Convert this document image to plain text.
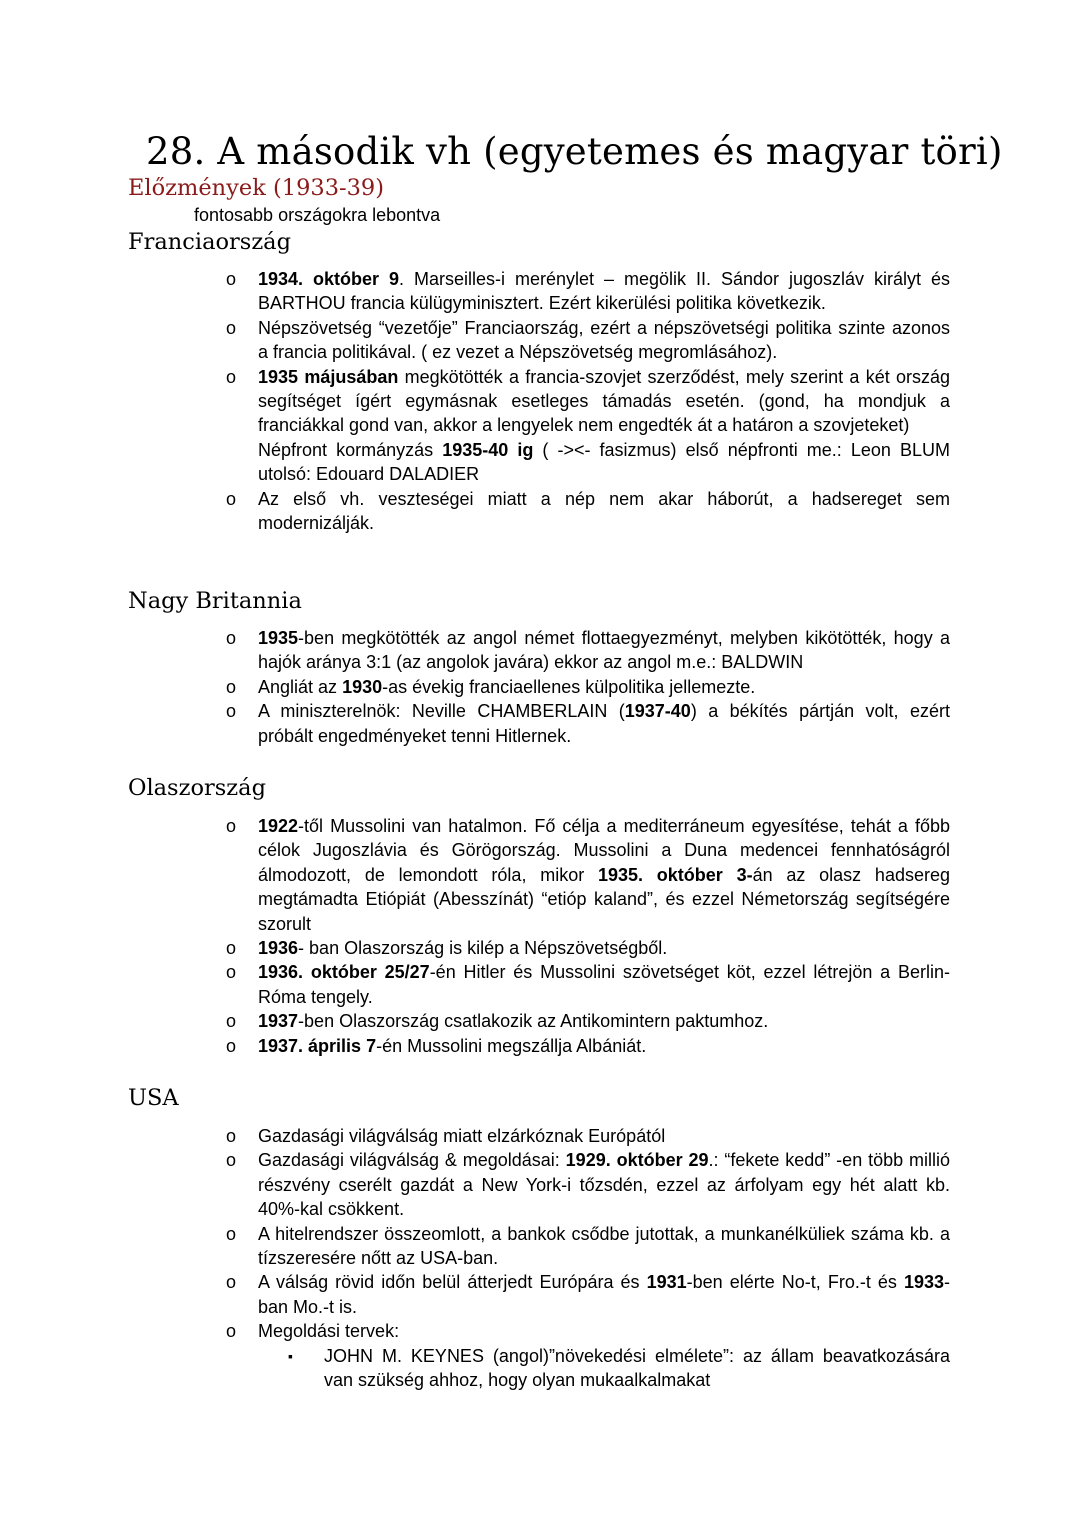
28. A második vh (egyetemes és magyar töri)
Előzmények (1933-39)
fontosabb országokra lebontva
Franciaország
o	1934. október 9. Marseilles-i merénylet – megölik II. Sándor jugoszláv királyt és BARTHOU francia külügyminisztert. Ezért kikerülési politika következik.
o	Népszövetség “vezetője” Franciaország, ezért a népszövetségi politika szinte azonos a francia politikával. ( ez vezet a Népszövetség megromlásához).
o	1935 májusában megkötötték a francia-szovjet szerződést, mely szerint a két ország segítséget ígért egymásnak esetleges támadás esetén. (gond, ha mondjuk a franciákkal gond van, akkor a lengyelek nem engedték át a határon a szovjeteket)
Népfront kormányzás 1935-40 ig ( -><- fasizmus) első népfronti me.: Leon BLUM utolsó: Edouard DALADIER
o	Az első vh. veszteségei miatt a nép nem akar háborút, a hadsereget sem modernizálják.
Nagy Britannia
o	1935-ben megkötötték az angol német flottaegyezményt, melyben kikötötték, hogy a hajók aránya 3:1 (az angolok javára) ekkor az angol m.e.: BALDWIN
o	Angliát az 1930-as évekig franciaellenes külpolitika jellemezte.
o	A miniszterelnök: Neville CHAMBERLAIN (1937-40) a békítés pártján volt, ezért próbált engedményeket tenni Hitlernek.
Olaszország
o	1922-től Mussolini van hatalmon. Fő célja a mediterráneum egyesítése, tehát a főbb célok Jugoszlávia és Görögország. Mussolini a Duna medencei fennhatóságról álmodozott, de lemondott róla, mikor 1935. október 3-án az olasz hadsereg megtámadta Etiópiát (Abesszínát) “etióp kaland”, és ezzel Németország segítségére szorult
o	1936- ban Olaszország is kilép a Népszövetségből.
o	1936. október 25/27-én Hitler és Mussolini szövetséget köt, ezzel létrejön a Berlin-Róma tengely.
o	1937-ben Olaszország csatlakozik az Antikomintern paktumhoz.
o	1937. április 7-én Mussolini megszállja Albániát.
USA
o	Gazdasági világválság miatt elzárkóznak Európától
o	Gazdasági világválság & megoldásai: 1929. október 29.: “fekete kedd” -en több millió részvény cserélt gazdát a New York-i tőzsdén, ezzel az árfolyam egy hét alatt kb. 40%-kal csökkent.
o	A hitelrendszer összeomlott, a bankok csődbe jutottak, a munkanélküliek száma kb. a tízszeresére nőtt az USA-ban.
o	A válság rövid időn belül átterjedt Európára és 1931-ben elérte No-t, Fro.-t és 1933-ban Mo.-t is.
o	Megoldási tervek:
▪ JOHN M. KEYNES (angol)”növekedési elmélete”: az állam beavatkozására van szükség ahhoz, hogy olyan mukaalkalmakat
